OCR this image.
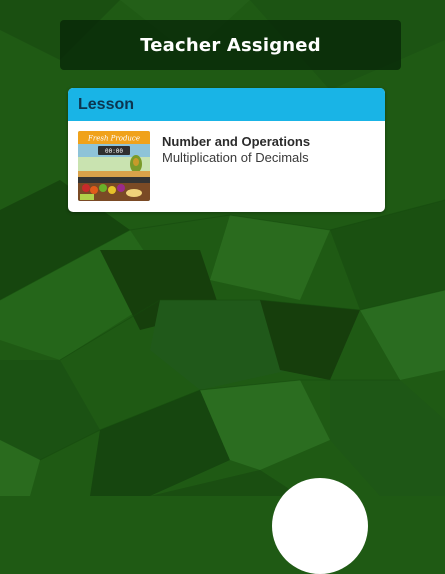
Teacher Assigned
Lesson
Fresh Produce
00:00
Number and Operations
Multiplication of Decimals
